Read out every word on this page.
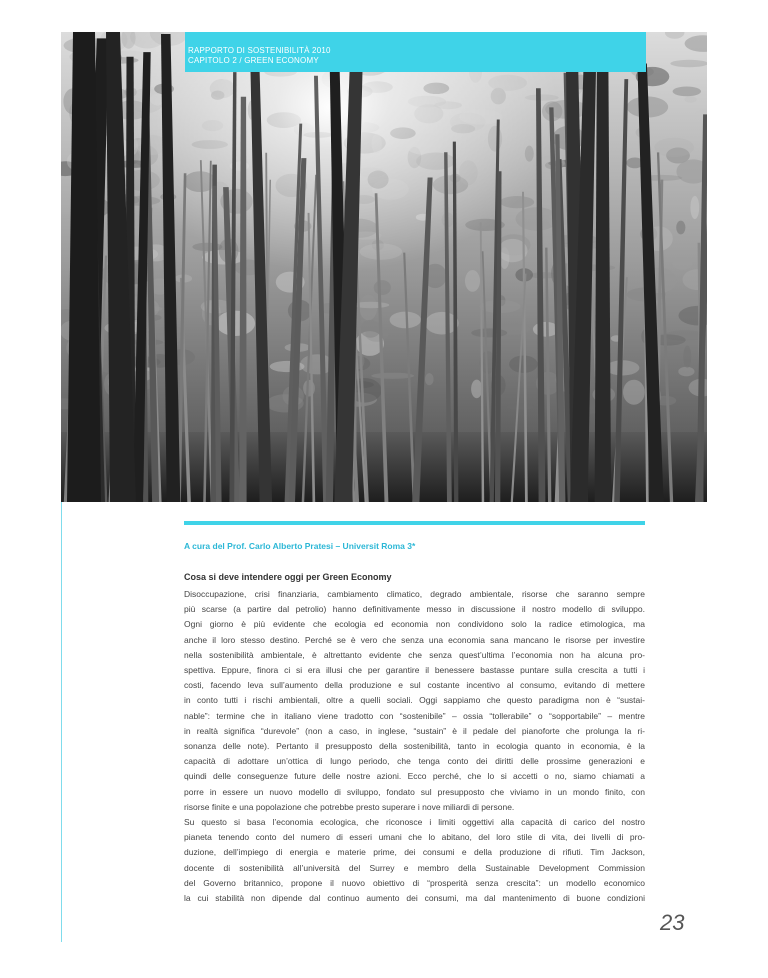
RAPPORTO DI SOSTENIBILITÀ 2010
CAPITOLO 2 / GREEN ECONOMY
A cura del Prof. Carlo Alberto Pratesi – Universit Roma 3*
Cosa si deve intendere oggi per Green Economy
Disoccupazione, crisi finanziaria, cambiamento climatico, degrado ambientale, risorse che saranno sempre
più scarse (a partire dal petrolio) hanno definitivamente messo in discussione il nostro modello di sviluppo.
Ogni giorno è più evidente che ecologia ed economia non condividono solo la radice etimologica, ma
anche il loro stesso destino. Perché se è vero che senza una economia sana mancano le risorse per investire
nella sostenibilità ambientale, è altrettanto evidente che senza quest’ultima l’economia non ha alcuna pro-
spettiva. Eppure, finora ci si era illusi che per garantire il benessere bastasse puntare sulla crescita a tutti i
costi, facendo leva sull’aumento della produzione e sul costante incentivo al consumo, evitando di mettere
in conto tutti i rischi ambientali, oltre a quelli sociali. Oggi sappiamo che questo paradigma non è “sustai-
nable”: termine che in italiano viene tradotto con “sostenibile” – ossia “tollerabile” o “sopportabile” – mentre
in realtà significa “durevole” (non a caso, in inglese, “sustain” è il pedale del pianoforte che prolunga la ri-
sonanza delle note). Pertanto il presupposto della sostenibilità, tanto in ecologia quanto in economia, è la
capacità di adottare un’ottica di lungo periodo, che tenga conto dei diritti delle prossime generazioni e
quindi delle conseguenze future delle nostre azioni. Ecco perché, che lo si accetti o no, siamo chiamati a
porre in essere un nuovo modello di sviluppo, fondato sul presupposto che viviamo in un mondo finito, con
risorse finite e una popolazione che potrebbe presto superare i nove miliardi di persone.
Su questo si basa l’economia ecologica, che riconosce i limiti oggettivi alla capacità di carico del nostro
pianeta tenendo conto del numero di esseri umani che lo abitano, del loro stile di vita, dei livelli di pro-
duzione, dell’impiego di energia e materie prime, dei consumi e della produzione di rifiuti. Tim Jackson,
docente di sostenibilità all’università del Surrey e membro della Sustainable Development Commission
del Governo britannico, propone il nuovo obiettivo di “prosperità senza crescita”: un modello economico
la cui stabilità non dipende dal continuo aumento dei consumi, ma dal mantenimento di buone condizioni
23
